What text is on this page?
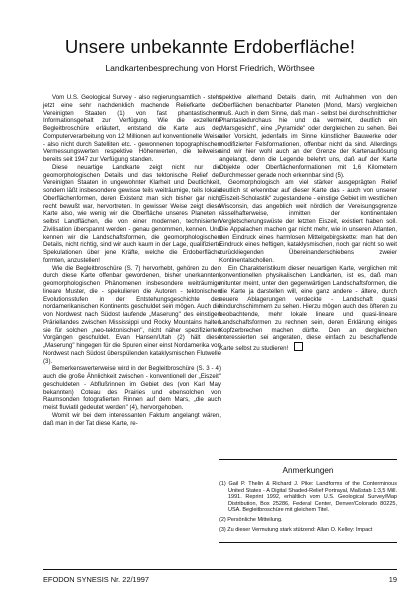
Unsere unbekannte Erdoberfläche!
Landkartenbesprechung von Horst Friedrich, Wörthsee

Vom U.S. Geological Survey - also regierungsamtlich - steht jetzt eine sehr nachdenklich machende Reliefkarte der Vereinigten Staaten (1) von fast phantastischem Informationsgehalt zur Verfügung. Wie die exzellente Begleitbroschüre erläutert, entstand die Karte aus der Computerverarbeitung von 12 Millionen auf konventionelle Weise - also nicht durch Satelliten etc. - gewonnenen topographischen Vermessungswerten respektive Höhenwerten, die teilweise bereits seit 1947 zur Verfügung standen.

Diese neuartige Landkarte zeigt nicht nur die geomorphologischen Details und das tektonische Relief der Vereinigten Staaten in ungewohnter Klarheit und Deutlichkeit, sondern läßt insbesondere gewisse teils weiträumige, teils lokale Oberflächenformen, deren Existenz man sich bisher gar nicht recht bewußt war, hervortreten. In gewisser Weise zeigt diese Karte also, wie wenig wir die Oberfläche unseres Planeten - selbst Landflächen, die von einer modernen, technisierten Zivilisation überspannt werden - genau genommen, kennen. Und kennen wir die Landschaftsformen, die geomorphologischen Details, nicht richtig, sind wir auch kaum in der Lage, qualifizierte Spekulationen über jene Kräfte, welche die Erdoberfläche formten, anzustellen!

Wie die Begleitbroschüre (S. 7) hervorhebt, gehören zu den durch diese Karte offenbar gewordenen, bisher unerkannten, geomorphologischen Phänomenen insbesondere weiträumige lineare Muster, die - spekulieren die Autoren - tektonischen Evolutionsstufen in der Entstehungsgeschichte des nordamerikanischen Kontinents geschuldet sein mögen. Auch die von Nordwest nach Südost laufende „Maserung" des einstigen Präriellandes zwischen Mississippi und Rocky Mountains halten sie für solchen „neo-tektonischen", nicht näher spezifizierten Vorgängen geschuldet. Evan Hansen/Utah (2) hält diese „Maserung" hingegen für die Spuren einer einst Nordamerika von Nordwest nach Südost überspülenden kataklysmischen Flutwelle (3).

Bemerkenswerterweise wird in der Begleitbroschüre (S. 3 - 4) auch die große Ähnlichkeit zwischen - konventionell der „Eiszeit" geschuldeten - Abflußrinnen im Gebiet des (von Karl May bekannten) Coteau des Prairies und ebensolchen von Raumsonden fotografierten Rinnen auf dem Mars, „die auch meist fluviatil gedeutet werden" (4), hervorgehoben.

Womit wir bei dem interessanten Faktum angelangt wären, daß man in der Tat diese Karte, re-

spektive allerhand Details darin, mit Aufnahmen von den Oberflächen benachbarter Planeten (Mond, Mars) vergleichen muß. Auch in dem Sinne, daß man - selbst bei durchschnittlicher Phantasiedurchaus hie und da vermeint, deutlich ein „Marsgesicht", eine „Pyramide" oder dergleichen zu sehen. Bei aller Vorsicht, jedenfalls im Sinne künstlicher Bauwerke oder modifizierter Felsformationen, offenbar nicht da sind. Allerdings sind wir hier wohl auch an der Grenze der Kartenauflösung angelangt, denn die Legende belehrt uns, daß auf der Karte Objekte oder Oberflächenformationen mit 1,6 Kilometern Durchmesser gerade noch erkennbar sind (5).

Geomorphologisch am viel stärker ausgeprägten Relief deutlich st erkennbar auf dieser Karte das - auch von unserer „Eiszeit-Scholastik" zugestandene - einstige Gebiet im westlichen Wisconsin, das angeblich weit nördlich der Vereisungsgrenze rässelhafterweise, inmitten der kontinentalen Vergletscherungswüste der letzten Eiszeit, existiert haben soll. Die Appalachen machen gar nicht mehr, wie in unseren Atlanten, den Eindruck eines harmlosen Mittelgebirgskette: man hat den Eindruck eines heftigen, kataklysmischen, noch gar nicht so weit zurückliegenden Übereinanderschiebens zweier Kontinentalschollen.

Ein Charakteristikum dieser neuartigen Karte, verglichen mit konventionellen physikalischen Landkarten, ist es, daß man mitunter meint, unter den gegenwärtigen Landschaftsformen, die die Karte ja darstellen will, eine ganz andere - ältere, durch neuere Ablagerungen verdeckte - Landschaft quasi hindurchschimmern zu sehen. Hierzu mögen auch des öfteren zu beobachtende, mehr lokale lineare und quasi-lineare Landschaftsformen zu rechnen sein, deren Erklärung einiges Kopfzerbrechen machen dürfte. Den an dergleichen Interessierten sei angeraten, diese einfach zu beschaffende Karte selbst zu studieren!

Anmerkungen

(1) Gail P. Thelin & Richard J. Pike: Landforms of the Conterminous United States - A Digital Shaded-Relief Portrayal, Maßstab 1:3,5 Mill. 1991. Reprint 1992, erhältlich vom U.S. Geological Survey/Map Distribution, Box 25286, Federal Center, Denver/Colorado 80225, USA. Begleitbroschüre mit gleichem Titel.

(2) Persönliche Mitteilung.

(3) Zu dieser Vermutung stark stützend: Allan O. Kelley: Impact

EFODON SYNESIS Nr. 22/1997	19
